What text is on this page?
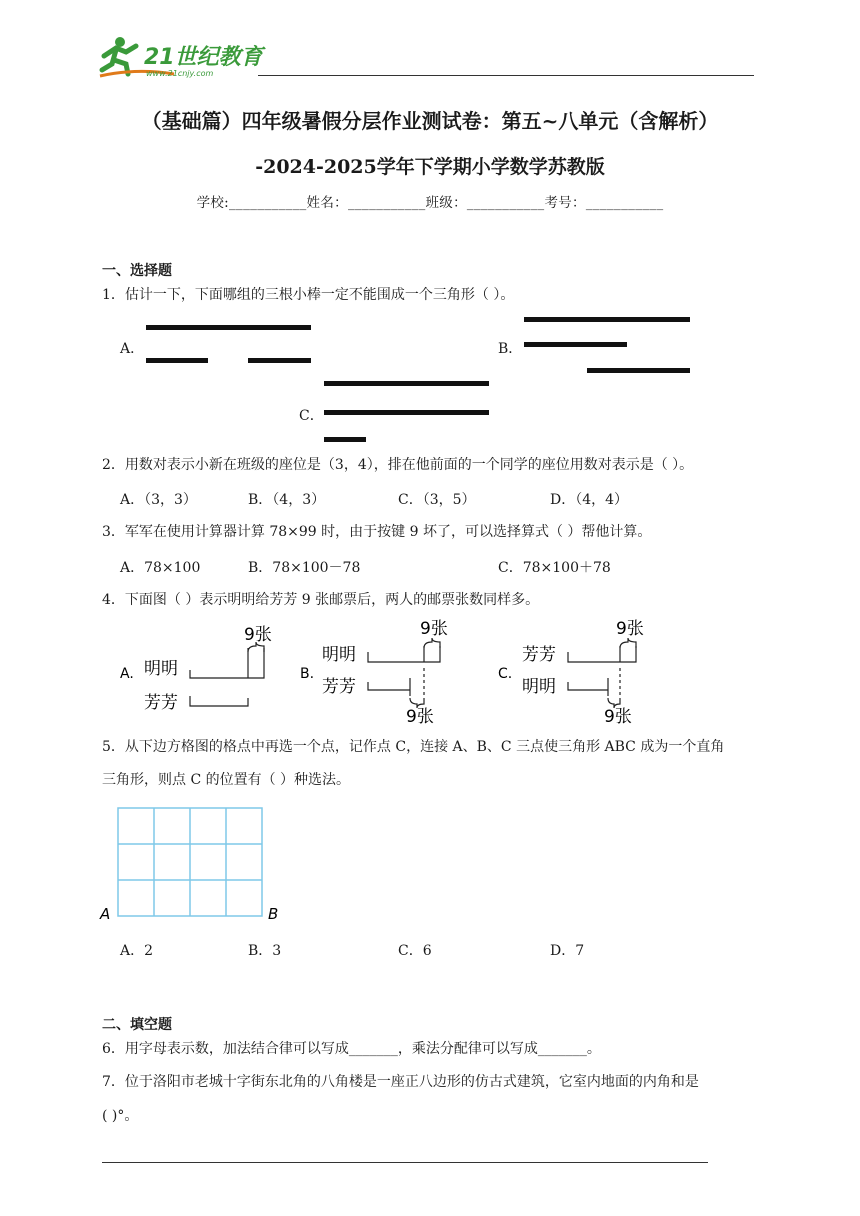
21世纪教育
www.21cnjy.com
（基础篇）四年级暑假分层作业测试卷：第五~八单元（含解析）
-2024-2025学年下学期小学数学苏教版
学校:___________姓名：___________班级：___________考号：___________
一、选择题
1．估计一下，下面哪组的三根小棒一定不能围成一个三角形（ ）。
A．	B．
C．
2．用数对表示小新在班级的座位是（3，4），排在他前面的一个同学的座位用数对表示是（ ）。
A．（3，3）	B．（4，3）	C．（3，5）	D．（4，4）
3．军军在使用计算器计算 78×99 时，由于按键 9 坏了，可以选择算式（ ）帮他计算。
A．78×100	B．78×100－78	C．78×100＋78
4．下面图（ ）表示明明给芳芳 9 张邮票后，两人的邮票张数同样多。
A. 明明
芳芳
9张
B.
明明
芳芳
9张
9张
C.
芳芳
明明
9张
9张
5．从下边方格图的格点中再选一个点，记作点 C，连接 A、B、C 三点使三角形 ABC 成为一个直角
三角形，则点 C 的位置有（ ）种选法。
A	B
A．2	B．3	C．6	D．7
二、填空题
6．用字母表示数，加法结合律可以写成_______，乘法分配律可以写成_______。
7．位于洛阳市老城十字街东北角的八角楼是一座正八边形的仿古式建筑，它室内地面的内角和是
( )°。
